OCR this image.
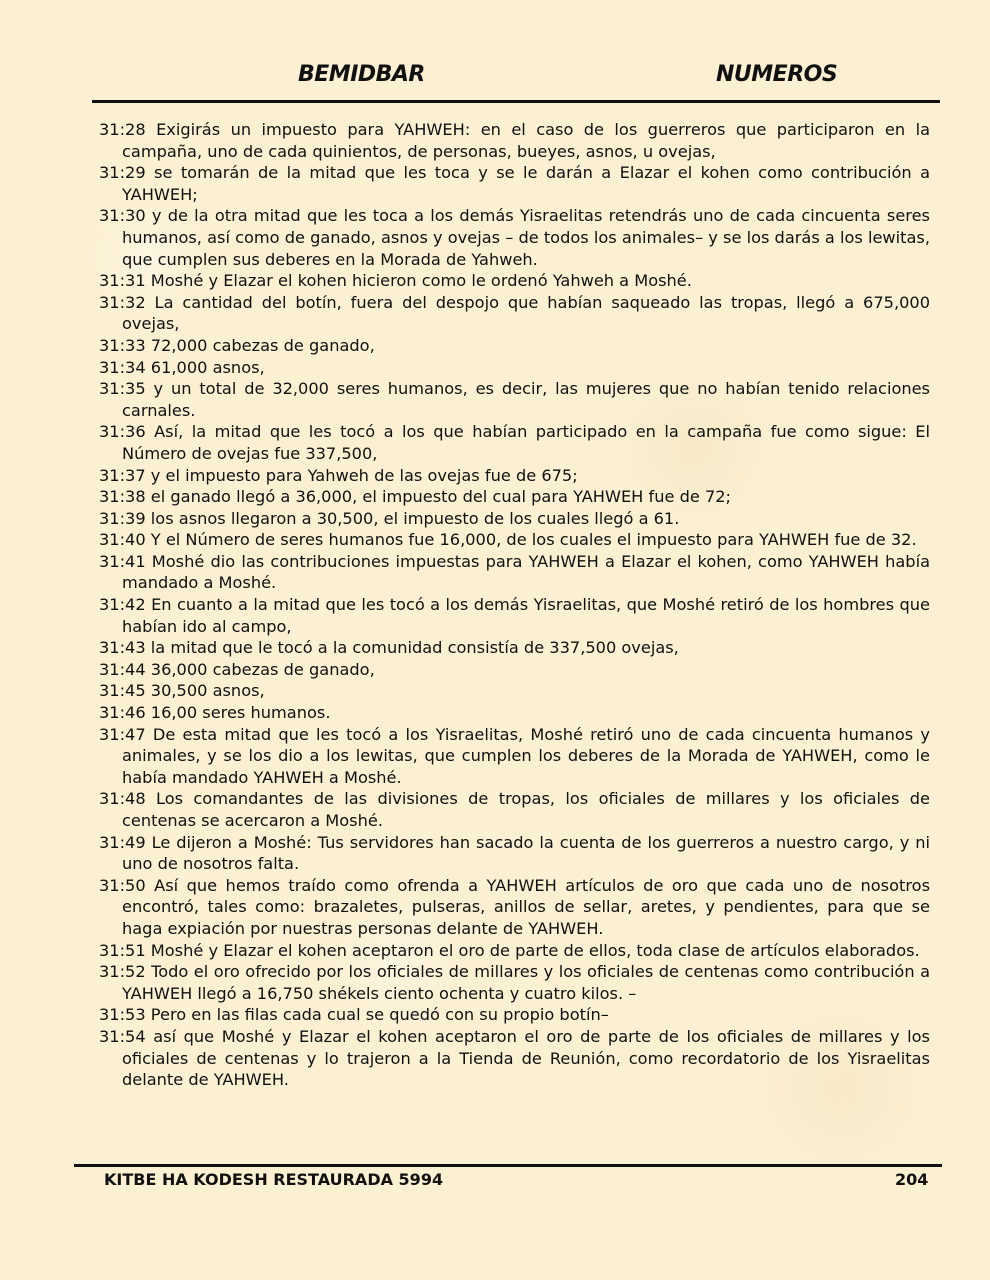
BEMIDBAR	NUMEROS
31:28 Exigirás un impuesto para YAHWEH: en el caso de los guerreros que participaron en la campaña, uno de cada quinientos, de personas, bueyes, asnos, u ovejas,
31:29 se tomarán de la mitad que les toca y se le darán a Elazar el kohen como contribución a YAHWEH;
31:30 y de la otra mitad que les toca a los demás Yisraelitas retendrás uno de cada cincuenta seres humanos, así como de ganado, asnos y ovejas – de todos los animales– y se los darás a los lewitas, que cumplen sus deberes en la Morada de Yahweh.
31:31 Moshé y Elazar el kohen hicieron como le ordenó Yahweh a Moshé.
31:32 La cantidad del botín, fuera del despojo que habían saqueado las tropas, llegó a 675,000 ovejas,
31:33 72,000 cabezas de ganado,
31:34 61,000 asnos,
31:35 y un total de 32,000 seres humanos, es decir, las mujeres que no habían tenido relaciones carnales.
31:36 Así, la mitad que les tocó a los que habían participado en la campaña fue como sigue: El Número de ovejas fue 337,500,
31:37 y el impuesto para Yahweh de las ovejas fue de 675;
31:38 el ganado llegó a 36,000, el impuesto del cual para YAHWEH fue de 72;
31:39 los asnos llegaron a 30,500, el impuesto de los cuales llegó a 61.
31:40 Y el Número de seres humanos fue 16,000, de los cuales el impuesto para YAHWEH fue de 32.
31:41 Moshé dio las contribuciones impuestas para YAHWEH a Elazar el kohen, como YAHWEH había mandado a Moshé.
31:42 En cuanto a la mitad que les tocó a los demás Yisraelitas, que Moshé retiró de los hombres que habían ido al campo,
31:43 la mitad que le tocó a la comunidad consistía de 337,500 ovejas,
31:44 36,000 cabezas de ganado,
31:45 30,500 asnos,
31:46 16,00 seres humanos.
31:47 De esta mitad que les tocó a los Yisraelitas, Moshé retiró uno de cada cincuenta humanos y animales, y se los dio a los lewitas, que cumplen los deberes de la Morada de YAHWEH, como le había mandado YAHWEH a Moshé.
31:48 Los comandantes de las divisiones de tropas, los oficiales de millares y los oficiales de centenas se acercaron a Moshé.
31:49 Le dijeron a Moshé: Tus servidores han sacado la cuenta de los guerreros a nuestro cargo, y ni uno de nosotros falta.
31:50 Así que hemos traído como ofrenda a YAHWEH artículos de oro que cada uno de nosotros encontró, tales como: brazaletes, pulseras, anillos de sellar, aretes, y pendientes, para que se haga expiación por nuestras personas delante de YAHWEH.
31:51 Moshé y Elazar el kohen aceptaron el oro de parte de ellos, toda clase de artículos elaborados.
31:52 Todo el oro ofrecido por los oficiales de millares y los oficiales de centenas como contribución a YAHWEH llegó a 16,750 shékels ciento ochenta y cuatro kilos. –
31:53 Pero en las filas cada cual se quedó con su propio botín–
31:54 así que Moshé y Elazar el kohen aceptaron el oro de parte de los oficiales de millares y los oficiales de centenas y lo trajeron a la Tienda de Reunión, como recordatorio de los Yisraelitas delante de YAHWEH.
KITBE HA KODESH RESTAURADA 5994	204
